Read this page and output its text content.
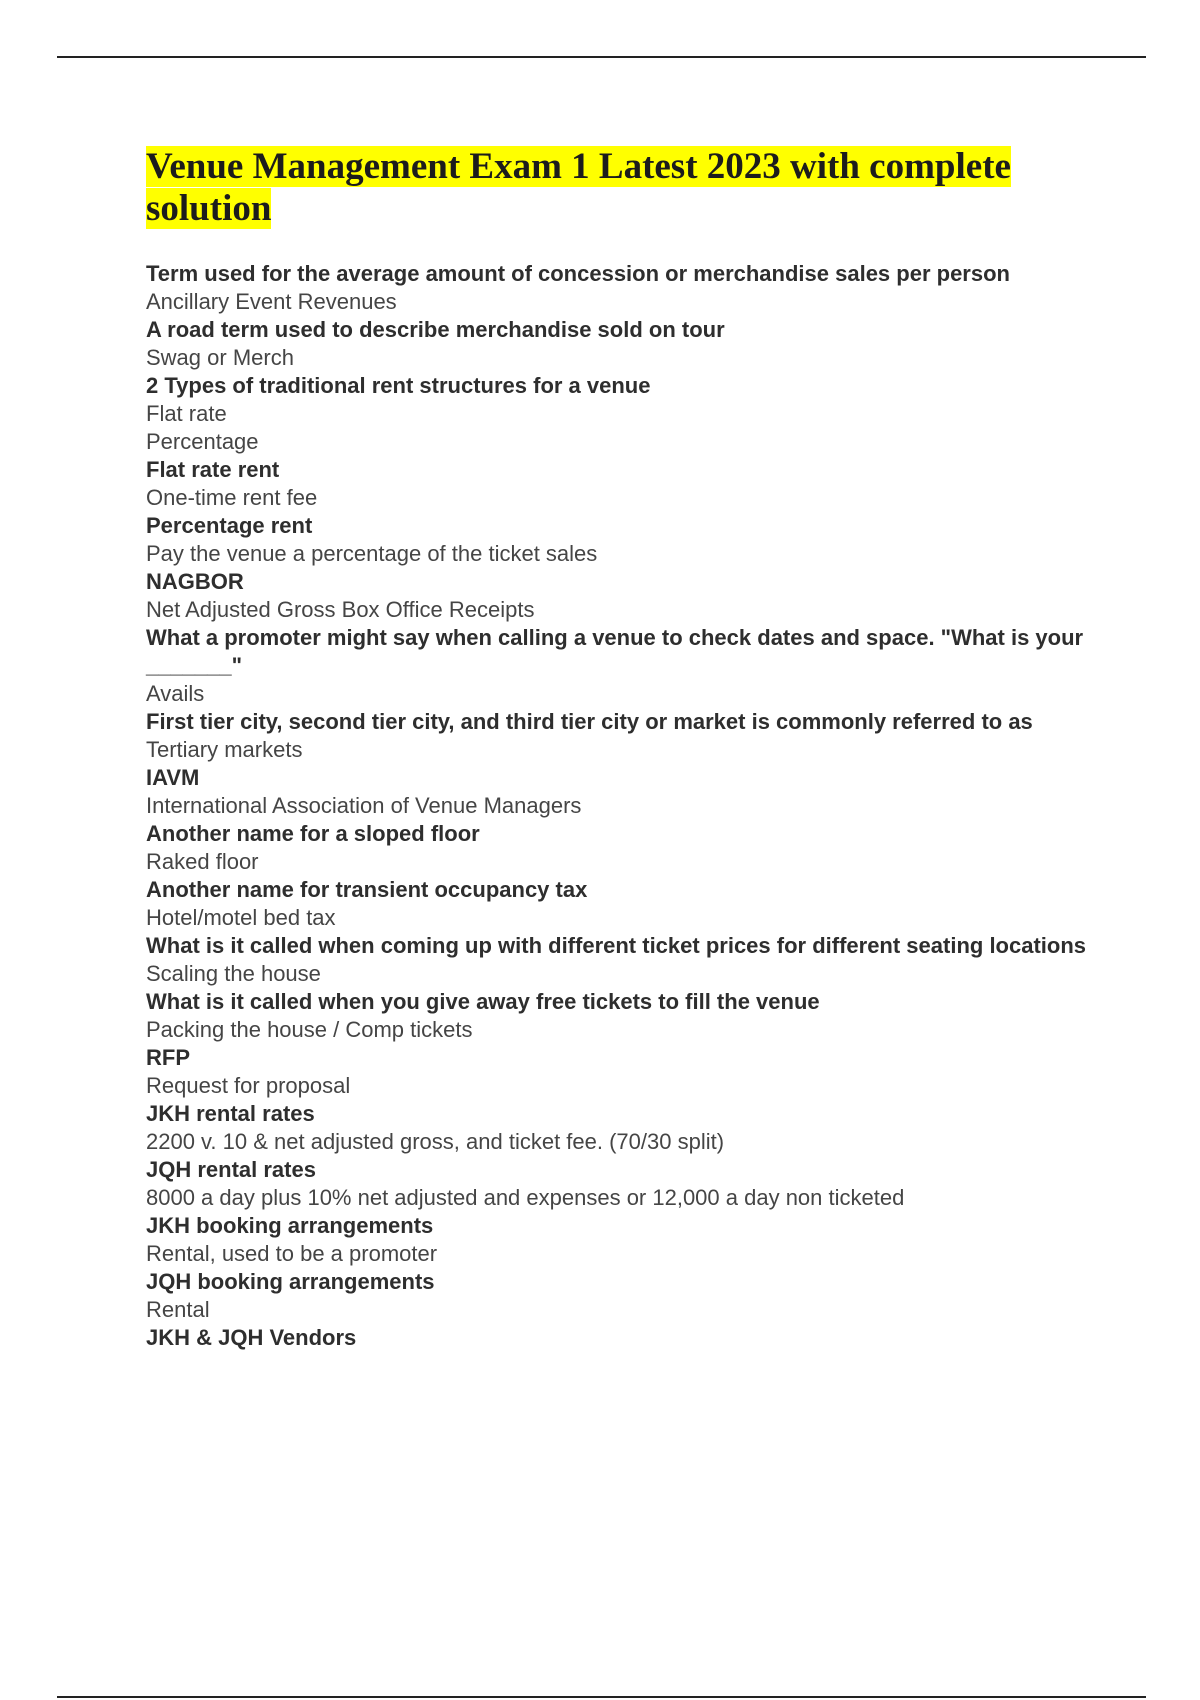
Venue Management Exam 1 Latest 2023 with complete solution
Term used for the average amount of concession or merchandise sales per person
Ancillary Event Revenues
A road term used to describe merchandise sold on tour
Swag or Merch
2 Types of traditional rent structures for a venue
Flat rate
Percentage
Flat rate rent
One-time rent fee
Percentage rent
Pay the venue a percentage of the ticket sales
NAGBOR
Net Adjusted Gross Box Office Receipts
What a promoter might say when calling a venue to check dates and space. "What is your _______"
Avails
First tier city, second tier city, and third tier city or market is commonly referred to as
Tertiary markets
IAVM
International Association of Venue Managers
Another name for a sloped floor
Raked floor
Another name for transient occupancy tax
Hotel/motel bed tax
What is it called when coming up with different ticket prices for different seating locations
Scaling the house
What is it called when you give away free tickets to fill the venue
Packing the house / Comp tickets
RFP
Request for proposal
JKH rental rates
2200 v. 10 & net adjusted gross, and ticket fee. (70/30 split)
JQH rental rates
8000 a day plus 10% net adjusted and expenses or 12,000 a day non ticketed
JKH booking arrangements
Rental, used to be a promoter
JQH booking arrangements
Rental
JKH & JQH Vendors
